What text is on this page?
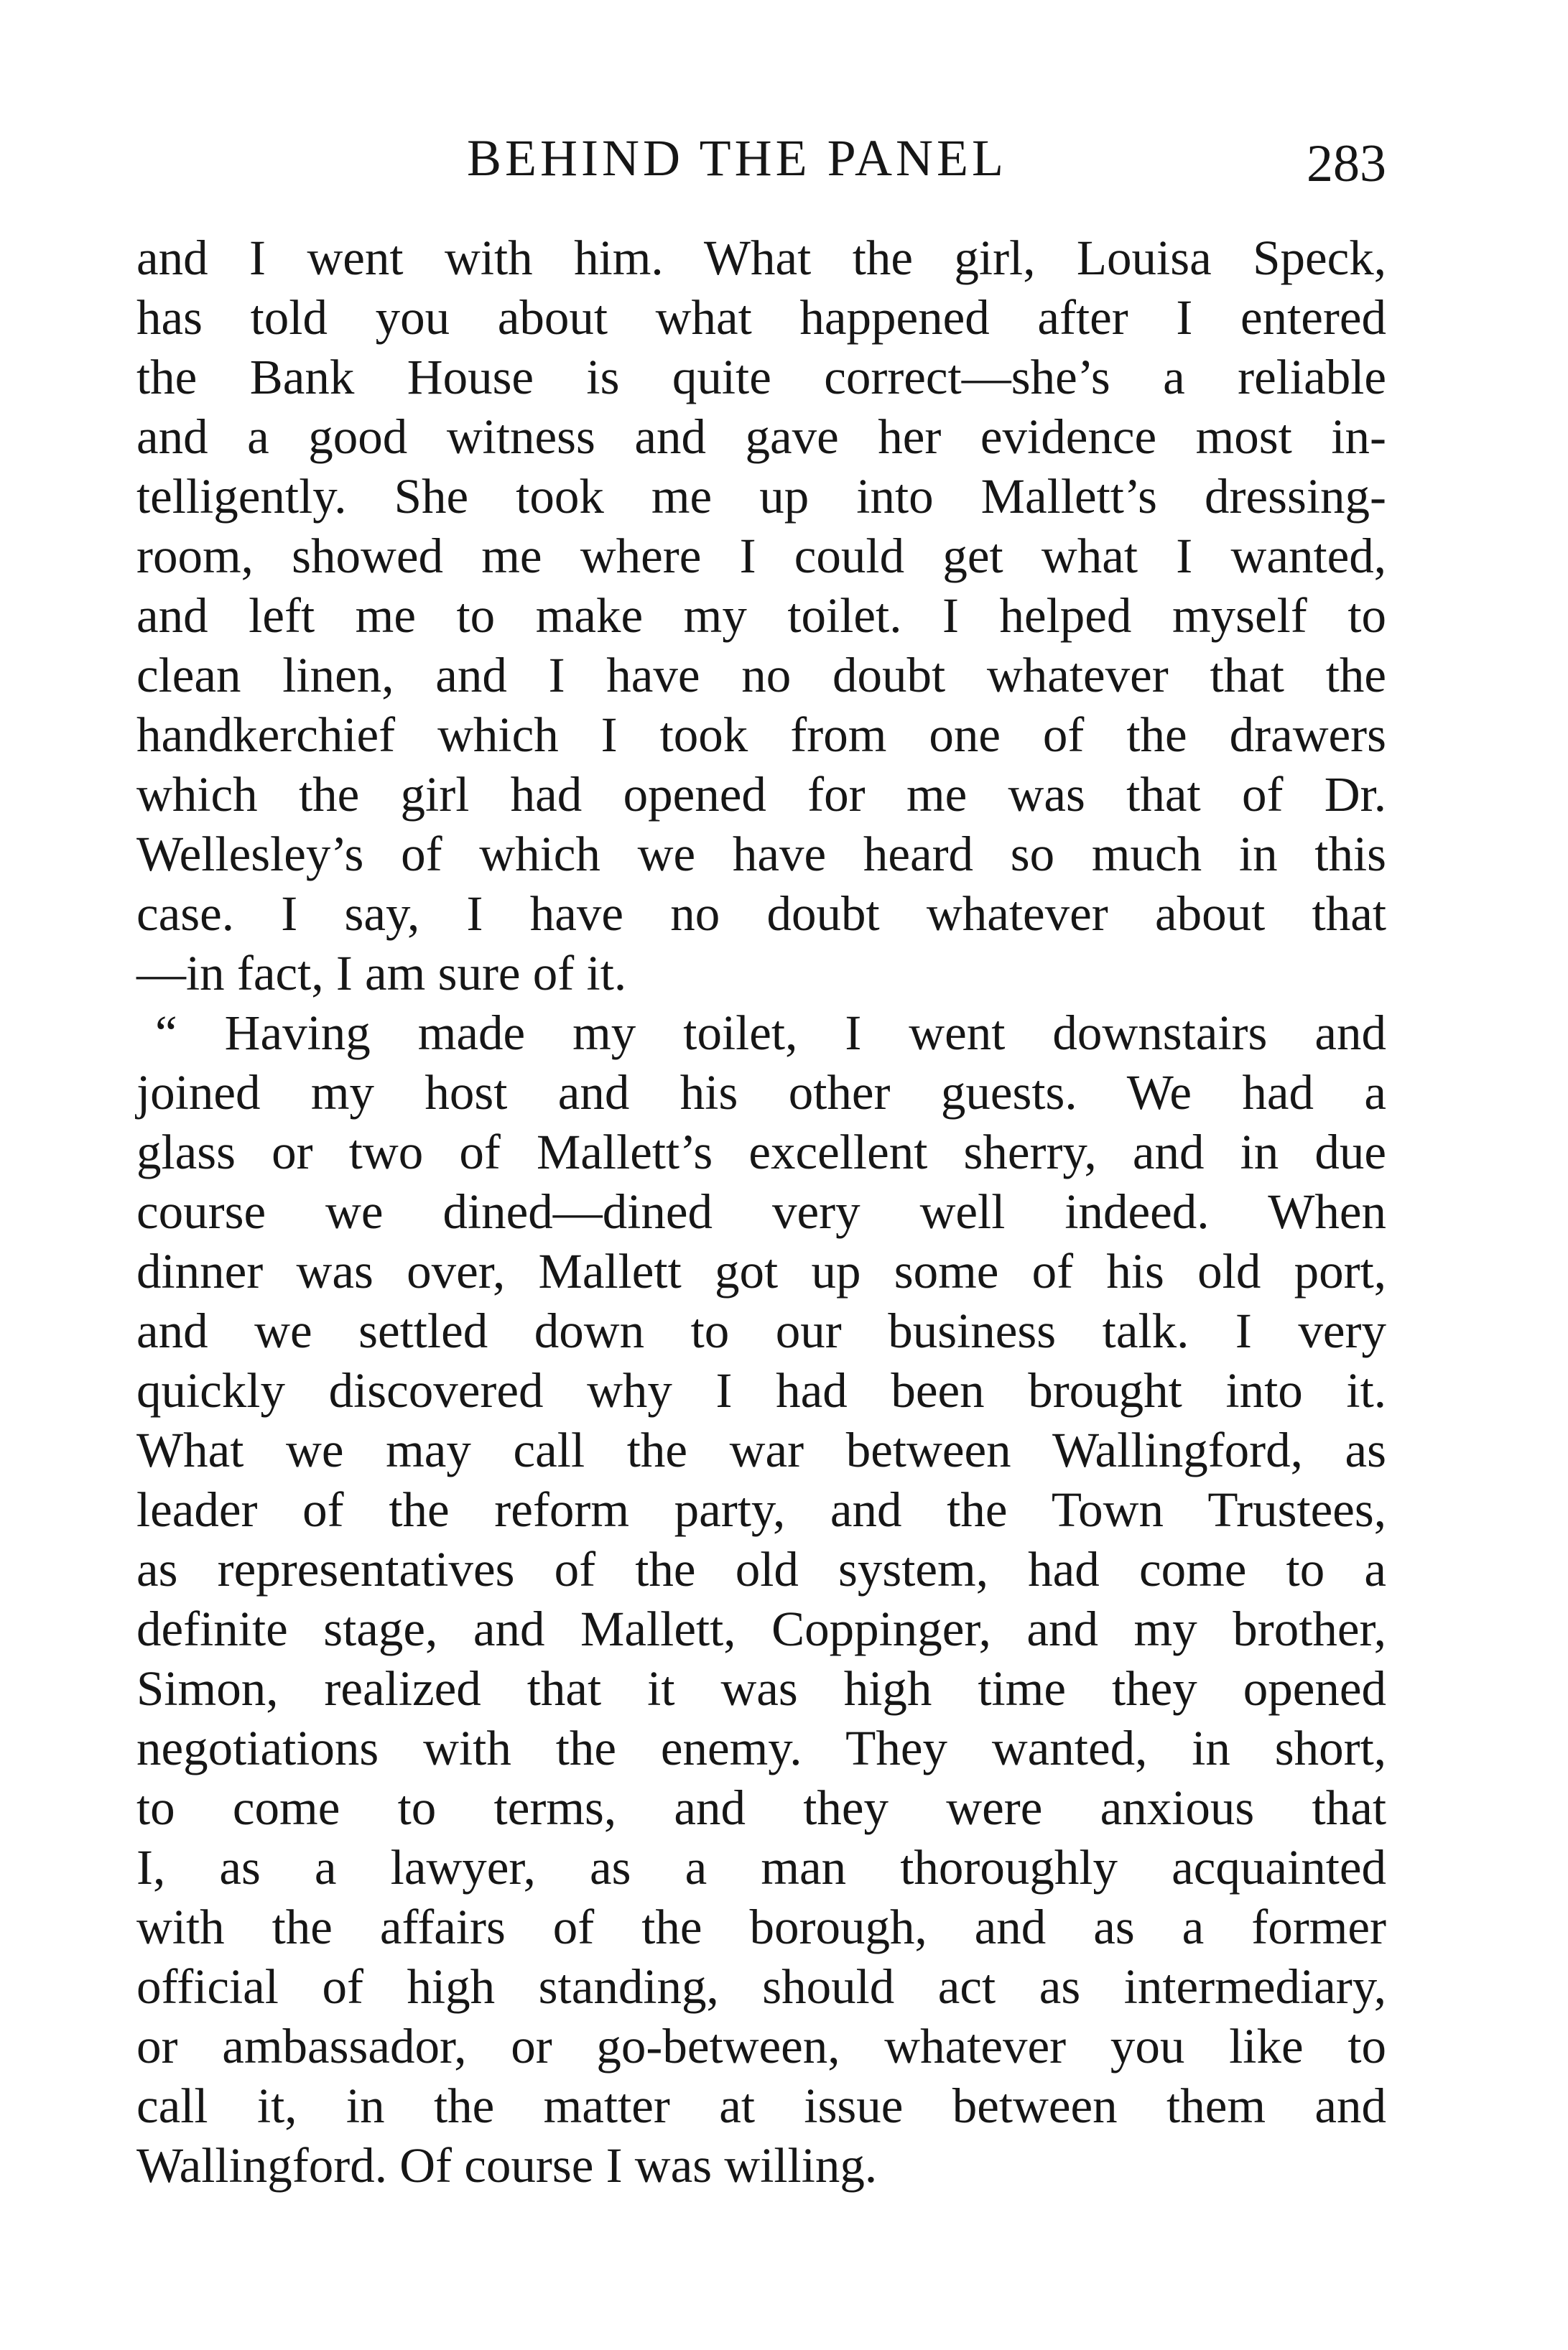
BEHIND THE PANEL	283
and I went with him. What the girl, Louisa Speck,
has told you about what happened after I entered
the Bank House is quite correct—she’s a reliable
and a good witness and gave her evidence most in-
telligently. She took me up into Mallett’s dressing-
room, showed me where I could get what I wanted,
and left me to make my toilet. I helped myself to
clean linen, and I have no doubt whatever that the
handkerchief which I took from one of the drawers
which the girl had opened for me was that of Dr.
Wellesley’s of which we have heard so much in this
case. I say, I have no doubt whatever about that
—in fact, I am sure of it.
“ Having made my toilet, I went downstairs and
joined my host and his other guests. We had a
glass or two of Mallett’s excellent sherry, and in due
course we dined—dined very well indeed. When
dinner was over, Mallett got up some of his old port,
and we settled down to our business talk. I very
quickly discovered why I had been brought into it.
What we may call the war between Wallingford, as
leader of the reform party, and the Town Trustees,
as representatives of the old system, had come to a
definite stage, and Mallett, Coppinger, and my brother,
Simon, realized that it was high time they opened
negotiations with the enemy. They wanted, in short,
to come to terms, and they were anxious that
I, as a lawyer, as a man thoroughly acquainted
with the affairs of the borough, and as a former
official of high standing, should act as intermediary,
or ambassador, or go-between, whatever you like to
call it, in the matter at issue between them and
Wallingford. Of course I was willing.
